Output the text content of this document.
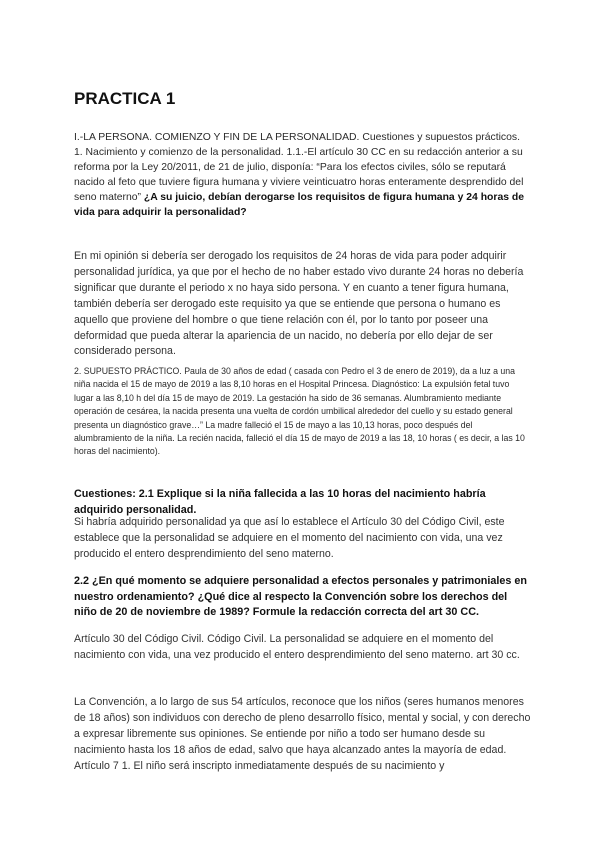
PRACTICA 1

I.-LA PERSONA. COMIENZO Y FIN DE LA PERSONALIDAD. Cuestiones y supuestos prácticos. 1. Nacimiento y comienzo de la personalidad. 1.1.-El artículo 30 CC en su redacción anterior a su reforma por la Ley 20/2011, de 21 de julio, disponía: “Para los efectos civiles, sólo se reputará nacido al feto que tuviere figura humana y viviere veinticuatro horas enteramente desprendido del seno materno” ¿A su juicio, debían derogarse los requisitos de figura humana y 24 horas de vida para adquirir la personalidad?

En mi opinión si debería ser derogado los requisitos de 24 horas de vida para poder adquirir personalidad jurídica, ya que por el hecho de no haber estado vivo durante 24 horas no debería significar que durante el periodo x no haya sido persona. Y en cuanto a tener figura humana, también debería ser derogado este requisito ya que se entiende que persona o humano es aquello que proviene del hombre o que tiene relación con él, por lo tanto por poseer una deformidad que pueda alterar la apariencia de un nacido, no debería por ello dejar de ser considerado persona.

2. SUPUESTO PRÁCTICO. Paula de 30 años de edad ( casada con Pedro el 3 de enero de 2019), da a luz a una niña nacida el 15 de mayo de 2019 a las 8,10 horas en el Hospital Princesa. Diagnóstico: La expulsión fetal tuvo lugar a las 8,10 h del día 15 de mayo de 2019. La gestación ha sido de 36 semanas. Alumbramiento mediante operación de cesárea, la nacida presenta una vuelta de cordón umbilical alrededor del cuello y su estado general presenta un diagnóstico grave…” La madre falleció el 15 de mayo a las 10,13 horas, poco después del alumbramiento de la niña. La recién nacida, falleció el día 15 de mayo de 2019 a las 18, 10 horas ( es decir, a las 10 horas del nacimiento).

Cuestiones: 2.1 Explique si la niña fallecida a las 10 horas del nacimiento habría adquirido personalidad.

Si habría adquirido personalidad ya que así lo establece el Artículo 30 del Código Civil, este establece que la personalidad se adquiere en el momento del nacimiento con vida, una vez producido el entero desprendimiento del seno materno.

2.2 ¿En qué momento se adquiere personalidad a efectos personales y patrimoniales en nuestro ordenamiento? ¿Qué dice al respecto la Convención sobre los derechos del niño de 20 de noviembre de 1989? Formule la redacción correcta del art 30 CC.

Artículo 30 del Código Civil. Código Civil. La personalidad se adquiere en el momento del nacimiento con vida, una vez producido el entero desprendimiento del seno materno. art 30 cc.

La Convención, a lo largo de sus 54 artículos, reconoce que los niños (seres humanos menores de 18 años) son individuos con derecho de pleno desarrollo físico, mental y social, y con derecho a expresar libremente sus opiniones. Se entiende por niño a todo ser humano desde su nacimiento hasta los 18 años de edad, salvo que haya alcanzado antes la mayoría de edad. Artículo 7 1. El niño será inscripto inmediatamente después de su nacimiento y
